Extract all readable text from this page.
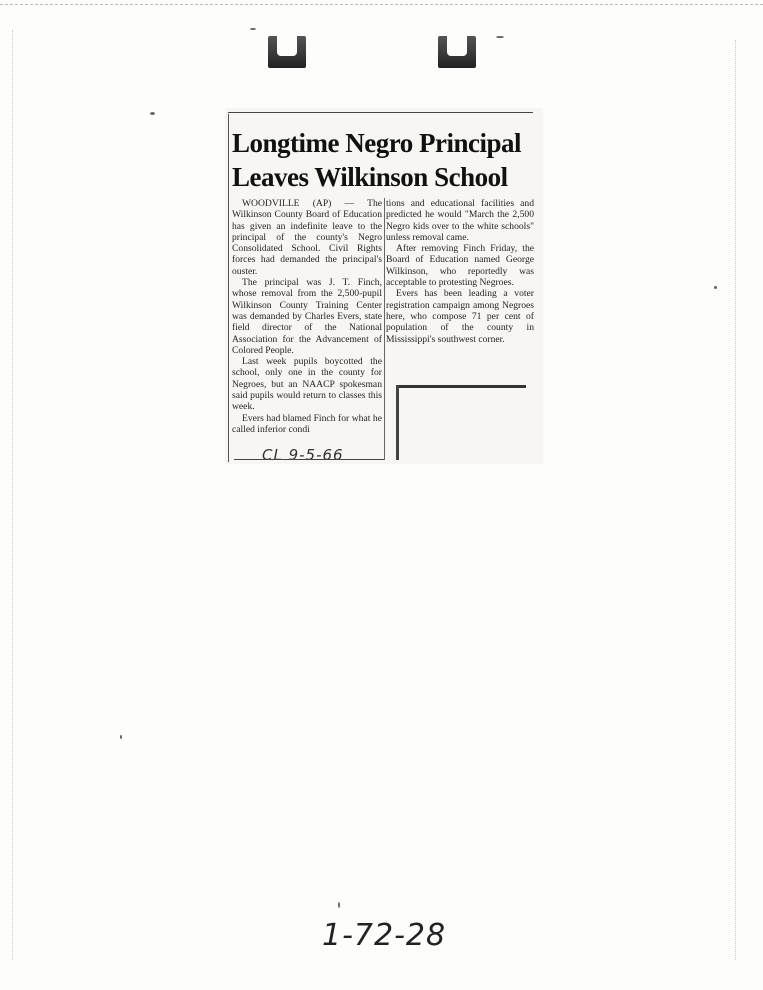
Longtime Negro Principal
Leaves Wilkinson School

WOODVILLE (AP) — The Wilkinson County Board of Education has given an indefinite leave to the principal of the county's Negro Consolidated School. Civil Rights forces had demanded the principal's ouster.

The principal was J. T. Finch, whose removal from the 2,500-pupil Wilkinson County Training Center was demanded by Charles Evers, state field director of the National Association for the Advancement of Colored People.

Last week pupils boycotted the school, only one in the county for Negroes, but an NAACP spokesman said pupils would return to classes this week.

Evers had blamed Finch for what he called inferior condi

tions and educational facilities and predicted he would "March the 2,500 Negro kids over to the white schools" unless removal came.

After removing Finch Friday, the Board of Education named George Wilkinson, who reportedly was acceptable to protesting Negroes.

Evers has been leading a voter registration campaign among Negroes here, who compose 71 per cent of population of the county in Mississippi's southwest corner.

CL 9-5-66
1-72-28
